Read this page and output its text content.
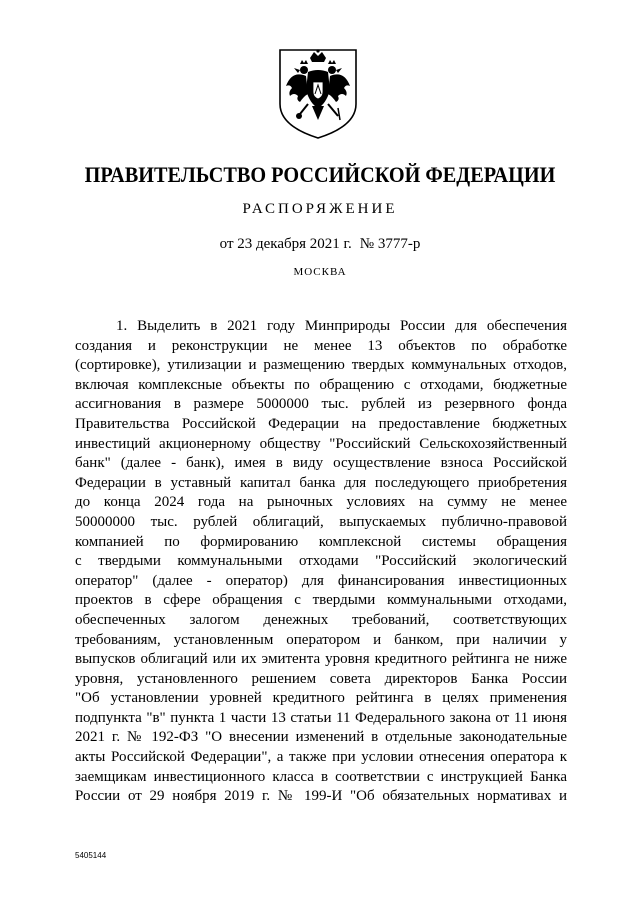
ПРАВИТЕЛЬСТВО РОССИЙСКОЙ ФЕДЕРАЦИИ
РАСПОРЯЖЕНИЕ
от 23 декабря 2021 г. № 3777-р
МОСКВА
1. Выделить в 2021 году Минприроды России для обеспечения
создания и реконструкции не менее 13 объектов по обработке
(сортировке), утилизации и размещению твердых коммунальных отходов,
включая комплексные объекты по обращению с отходами, бюджетные
ассигнования в размере 5000000 тыс. рублей из резервного фонда
Правительства Российской Федерации на предоставление бюджетных
инвестиций акционерному обществу "Российский Сельскохозяйственный
банк" (далее - банк), имея в виду осуществление взноса Российской
Федерации в уставный капитал банка для последующего приобретения
до конца 2024 года на рыночных условиях на сумму не менее
50000000 тыс. рублей облигаций, выпускаемых публично-правовой
компанией по формированию комплексной системы обращения
с твердыми коммунальными отходами "Российский экологический
оператор" (далее - оператор) для финансирования инвестиционных
проектов в сфере обращения с твердыми коммунальными отходами,
обеспеченных залогом денежных требований, соответствующих
требованиям, установленным оператором и банком, при наличии у
выпусков облигаций или их эмитента уровня кредитного рейтинга не ниже
уровня, установленного решением совета директоров Банка России
"Об установлении уровней кредитного рейтинга в целях применения
подпункта "в" пункта 1 части 13 статьи 11 Федерального закона от 11 июня
2021 г. № 192-ФЗ "О внесении изменений в отдельные законодательные
акты Российской Федерации", а также при условии отнесения оператора к
заемщикам инвестиционного класса в соответствии с инструкцией Банка
России от 29 ноября 2019 г. № 199-И "Об обязательных нормативах и
5405144
